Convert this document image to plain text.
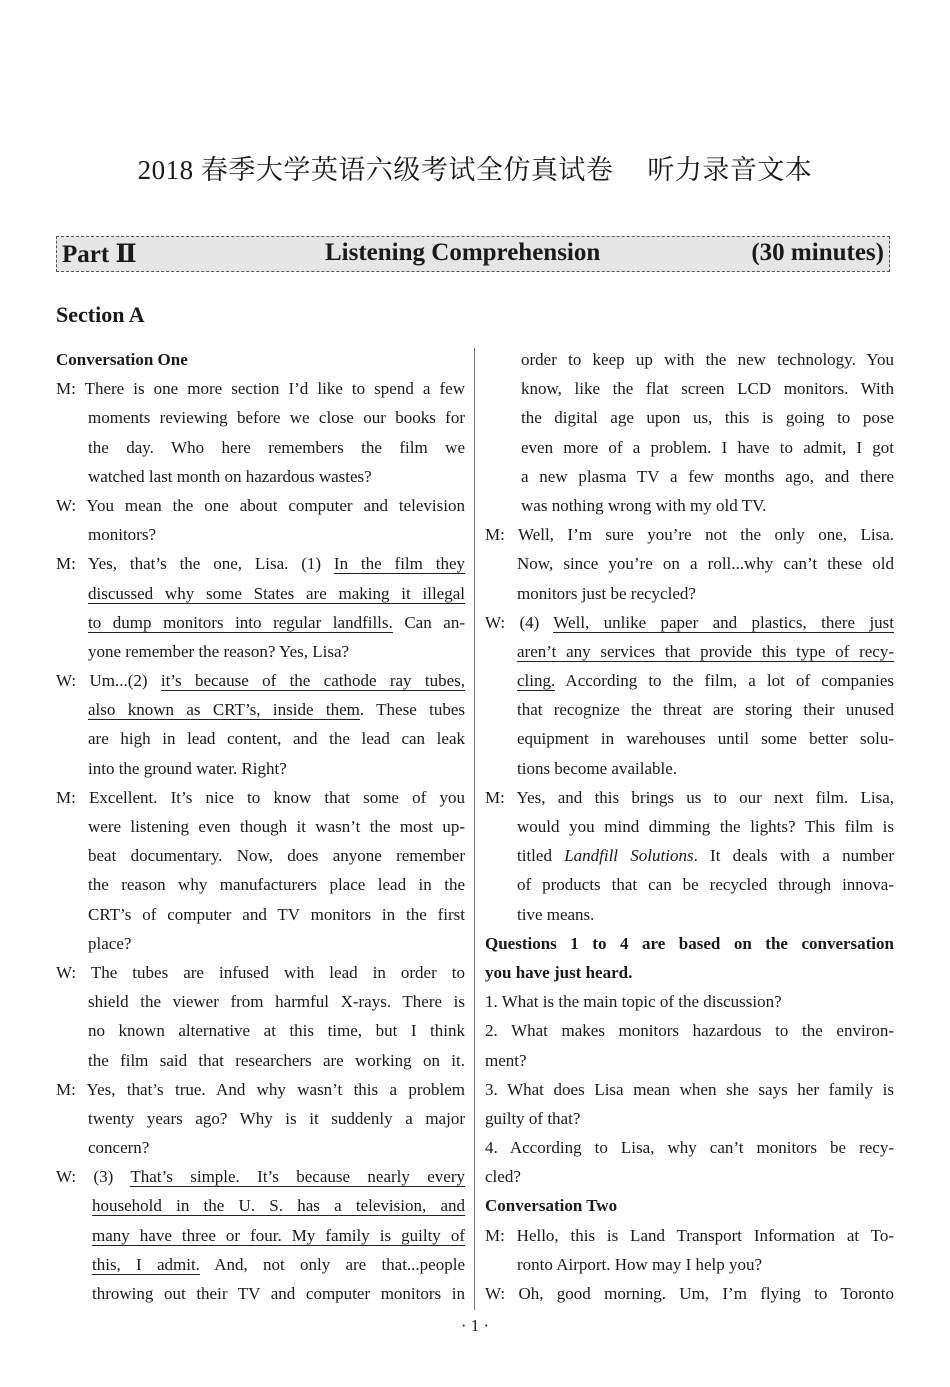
2018 春季大学英语六级考试全仿真试卷 听力录音文本
Part Ⅱ	Listening Comprehension	(30 minutes)
Section A
Conversation One
M: There is one more section I’d like to spend a few
moments reviewing before we close our books for
the day. Who here remembers the film we
watched last month on hazardous wastes?
W: You mean the one about computer and television
monitors?
M: Yes, that’s the one, Lisa. (1) In the film they
discussed why some States are making it illegal
to dump monitors into regular landfills. Can an-
yone remember the reason? Yes, Lisa?
W: Um...(2) it’s because of the cathode ray tubes,
also known as CRT’s, inside them. These tubes
are high in lead content, and the lead can leak
into the ground water. Right?
M: Excellent. It’s nice to know that some of you
were listening even though it wasn’t the most up-
beat documentary. Now, does anyone remember
the reason why manufacturers place lead in the
CRT’s of computer and TV monitors in the first
place?
W: The tubes are infused with lead in order to
shield the viewer from harmful X-rays. There is
no known alternative at this time, but I think
the film said that researchers are working on it.
M: Yes, that’s true. And why wasn’t this a problem
twenty years ago? Why is it suddenly a major
concern?
W: (3) That’s simple. It’s because nearly every
household in the U. S. has a television, and
many have three or four. My family is guilty of
this, I admit. And, not only are that...people
throwing out their TV and computer monitors in
order to keep up with the new technology. You
know, like the flat screen LCD monitors. With
the digital age upon us, this is going to pose
even more of a problem. I have to admit, I got
a new plasma TV a few months ago, and there
was nothing wrong with my old TV.
M: Well, I’m sure you’re not the only one, Lisa.
Now, since you’re on a roll...why can’t these old
monitors just be recycled?
W: (4) Well, unlike paper and plastics, there just
aren’t any services that provide this type of recy-
cling. According to the film, a lot of companies
that recognize the threat are storing their unused
equipment in warehouses until some better solu-
tions become available.
M: Yes, and this brings us to our next film. Lisa,
would you mind dimming the lights? This film is
titled Landfill Solutions. It deals with a number
of products that can be recycled through innova-
tive means.
Questions 1 to 4 are based on the conversation
you have just heard.
1. What is the main topic of the discussion?
2. What makes monitors hazardous to the environ-
ment?
3. What does Lisa mean when she says her family is
guilty of that?
4. According to Lisa, why can’t monitors be recy-
cled?
Conversation Two
M: Hello, this is Land Transport Information at To-
ronto Airport. How may I help you?
W: Oh, good morning. Um, I’m flying to Toronto
· 1 ·
